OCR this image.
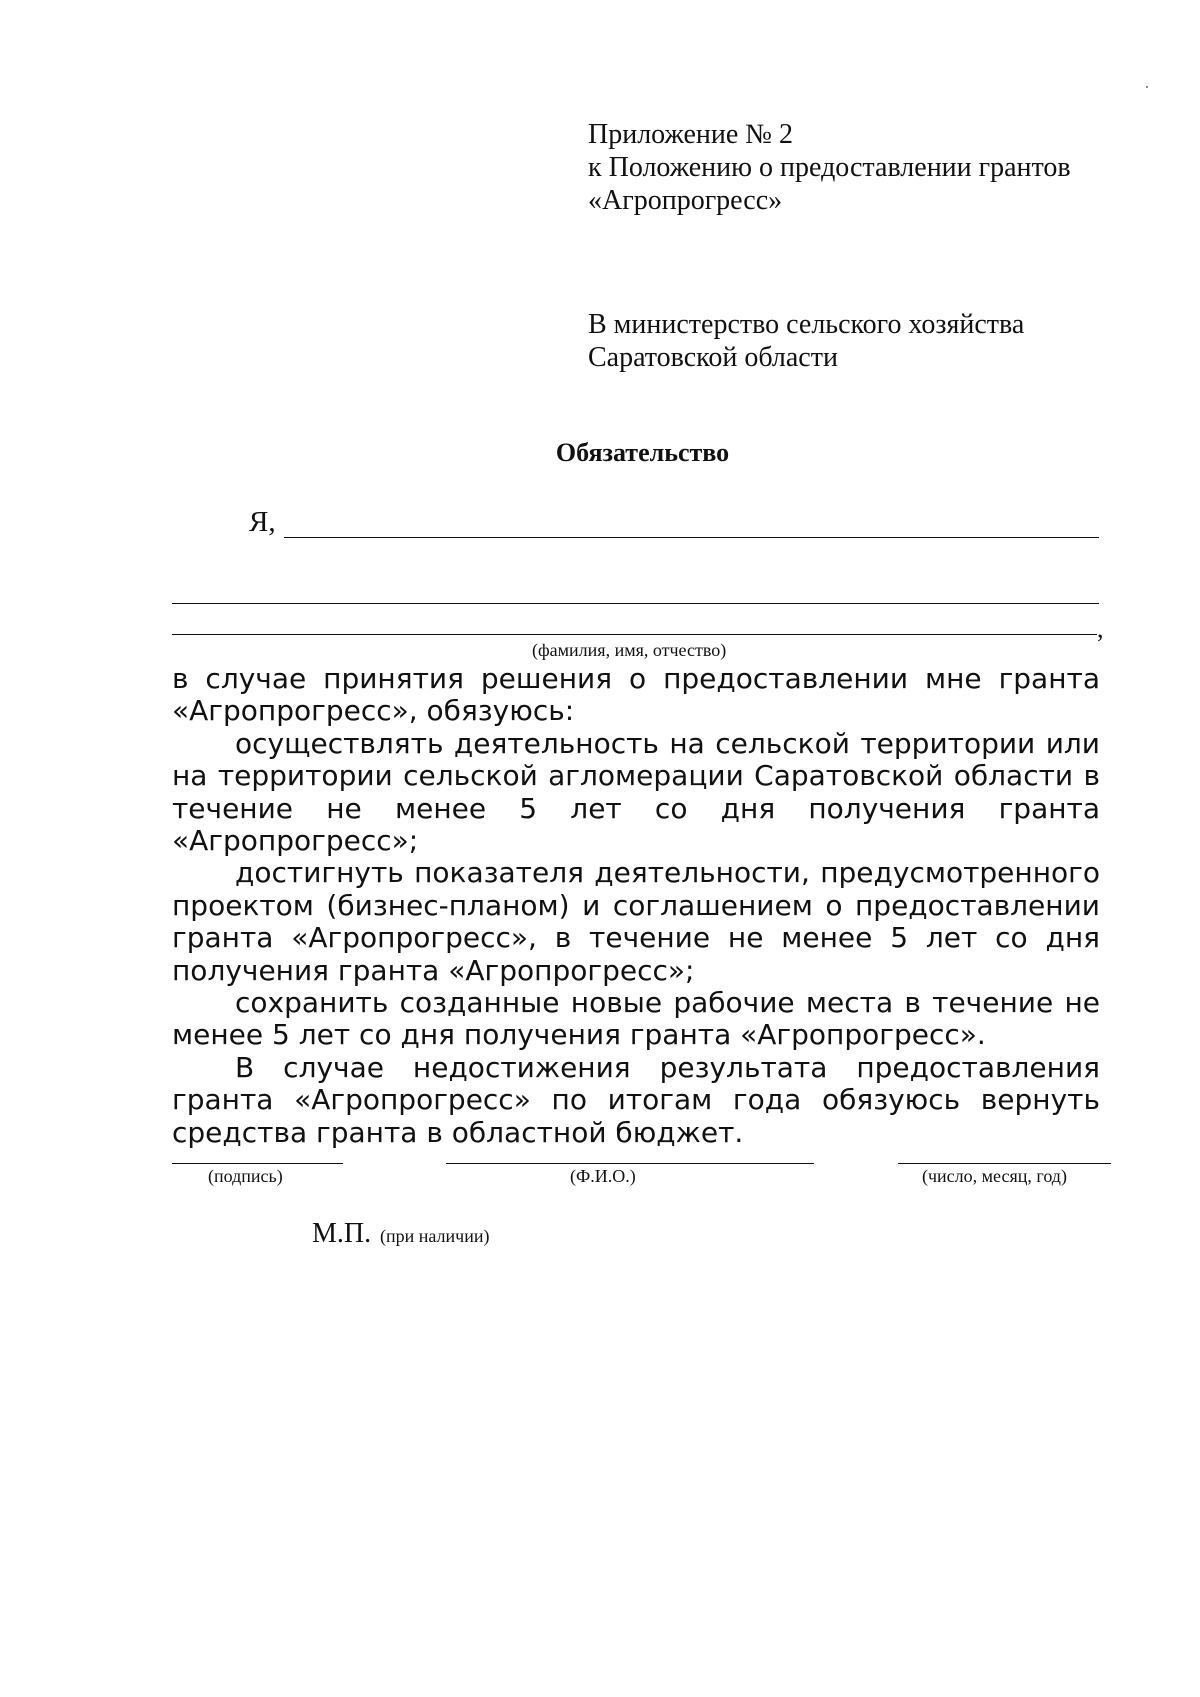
Приложение № 2
к Положению о предоставлении грантов
«Агропрогресс»
В министерство сельского хозяйства
Саратовской области
Обязательство
Я,
,
(фамилия, имя, отчество)

в случае принятия решения о предоставлении мне гранта «Агропрогресс», обязуюсь:

осуществлять деятельность на сельской территории или на территории сельской агломерации Саратовской области в течение не менее 5 лет со дня получения гранта «Агропрогресс»;

достигнуть показателя деятельности, предусмотренного проектом (бизнес-планом) и соглашением о предоставлении гранта «Агропрогресс», в течение не менее 5 лет со дня получения гранта «Агропрогресс»;

сохранить созданные новые рабочие места в течение не менее 5 лет со дня получения гранта «Агропрогресс».

В случае недостижения результата предоставления гранта «Агропрогресс» по итогам года обязуюсь вернуть средства гранта в областной бюджет.

(подпись)	(Ф.И.О.)	(число, месяц, год)
М.П. (при наличии)
